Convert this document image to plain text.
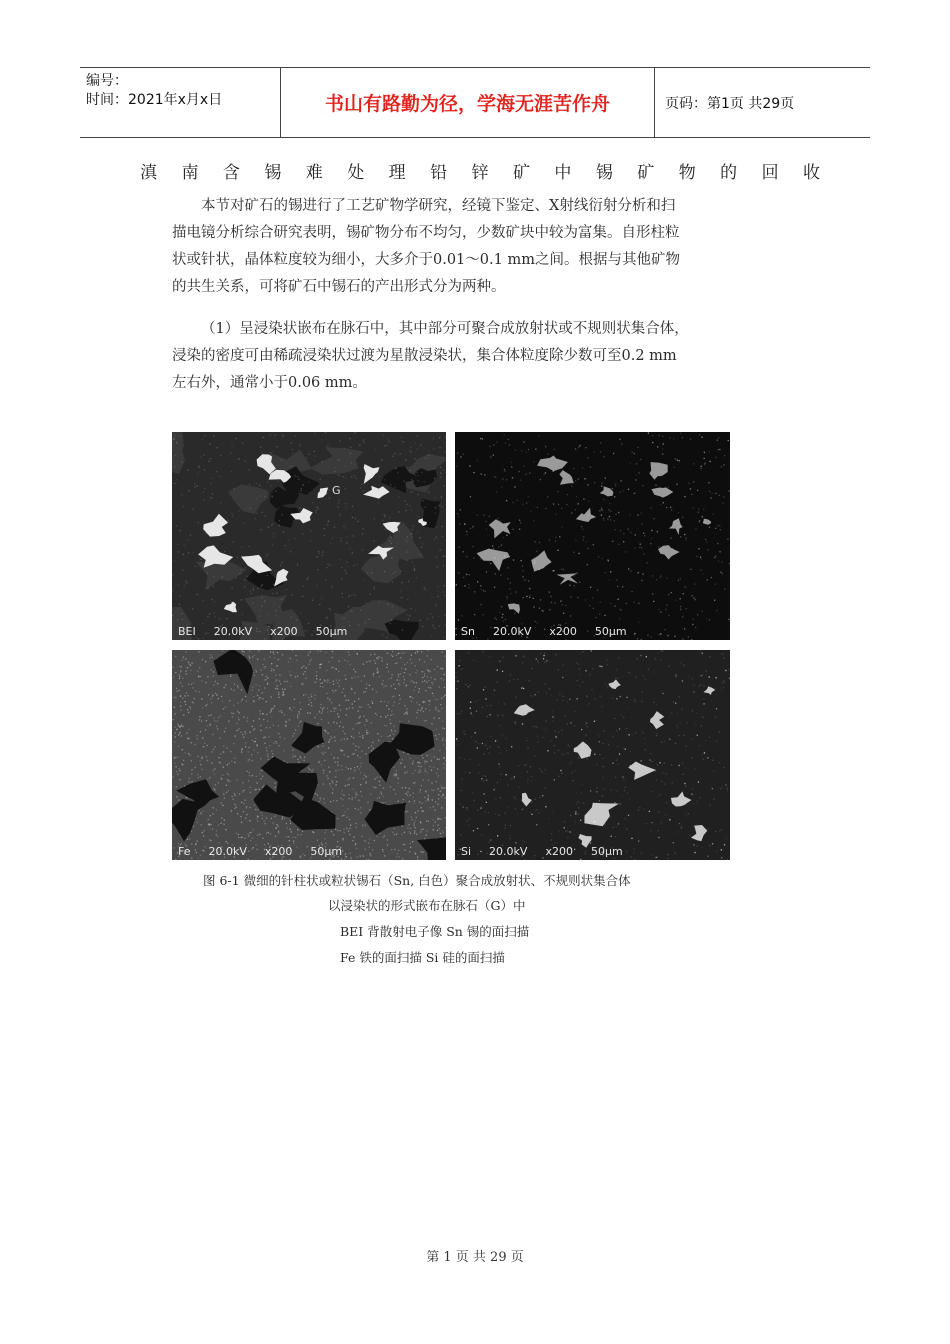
编号：
时间：2021年x月x日	书山有路勤为径，学海无涯苦作舟	页码：第1页 共29页
滇 南 含 锡 难 处 理 铅 锌 矿 中 锡 矿 物 的 回 收

本节对矿石的锡进行了工艺矿物学研究，经镜下鉴定、X射线衍射分析和扫

描电镜分析综合研究表明，锡矿物分布不均匀，少数矿块中较为富集。自形柱粒

状或针状，晶体粒度较为细小，大多介于0.01～0.1 mm之间。根据与其他矿物

的共生关系，可将矿石中锡石的产出形式分为两种。

（1）呈浸染状嵌布在脉石中，其中部分可聚合成放射状或不规则状集合体，

浸染的密度可由稀疏浸染状过渡为星散浸染状，集合体粒度除少数可至0.2 mm

左右外，通常小于0.06 mm。

BEI 20.0kV x200 50μm
G
Sn 20.0kV x200 50μm
Fe 20.0kV x200 50μm	Si 20.0kV x200 50μm
图 6-1 微细的针柱状或粒状锡石（Sn, 白色）聚合成放射状、不规则状集合体
以浸染状的形式嵌布在脉石（G）中
BEI 背散射电子像 Sn 锡的面扫描
Fe 铁的面扫描 Si 硅的面扫描
第 1 页 共 29 页
